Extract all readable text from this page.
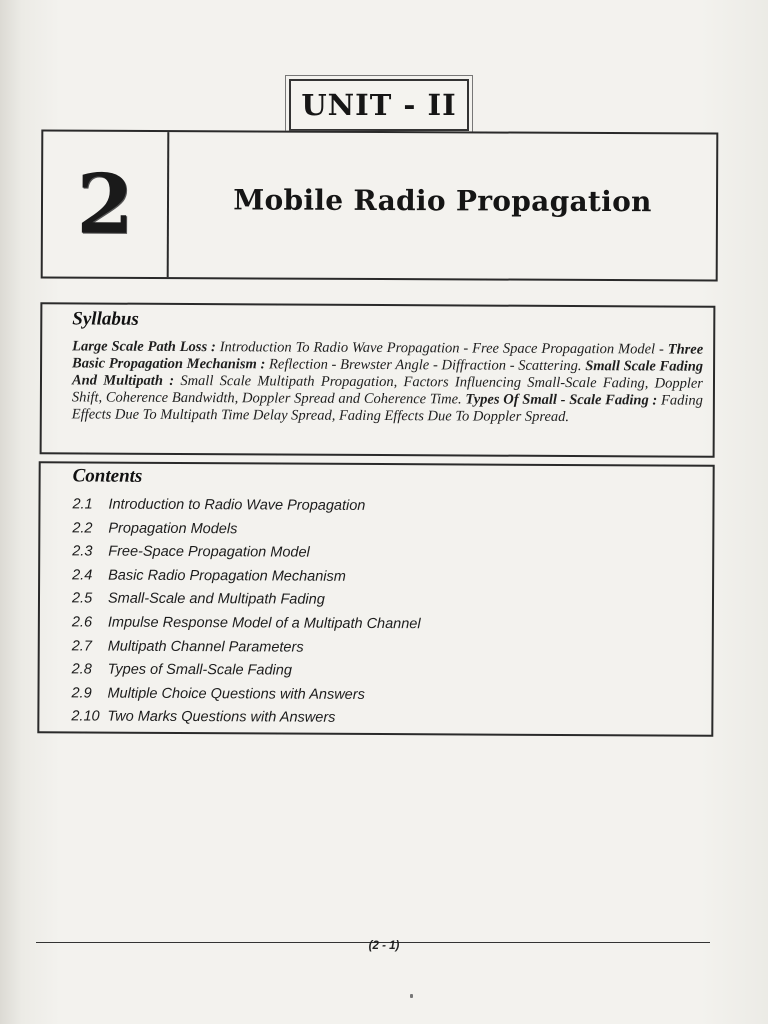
UNIT - II
2	Mobile Radio Propagation
Syllabus

Large Scale Path Loss : Introduction To Radio Wave Propagation - Free Space Propagation Model - Three Basic Propagation Mechanism : Reflection - Brewster Angle - Diffraction - Scattering. Small Scale Fading And Multipath : Small Scale Multipath Propagation, Factors Influencing Small-Scale Fading, Doppler Shift, Coherence Bandwidth, Doppler Spread and Coherence Time. Types Of Small - Scale Fading : Fading Effects Due To Multipath Time Delay Spread, Fading Effects Due To Doppler Spread.

Contents
2.1	Introduction to Radio Wave Propagation
2.2	Propagation Models
2.3	Free-Space Propagation Model
2.4	Basic Radio Propagation Mechanism
2.5	Small-Scale and Multipath Fading
2.6	Impulse Response Model of a Multipath Channel
2.7	Multipath Channel Parameters
2.8	Types of Small-Scale Fading
2.9	Multiple Choice Questions with Answers
2.10 Two Marks Questions with Answers
(2 - 1)
